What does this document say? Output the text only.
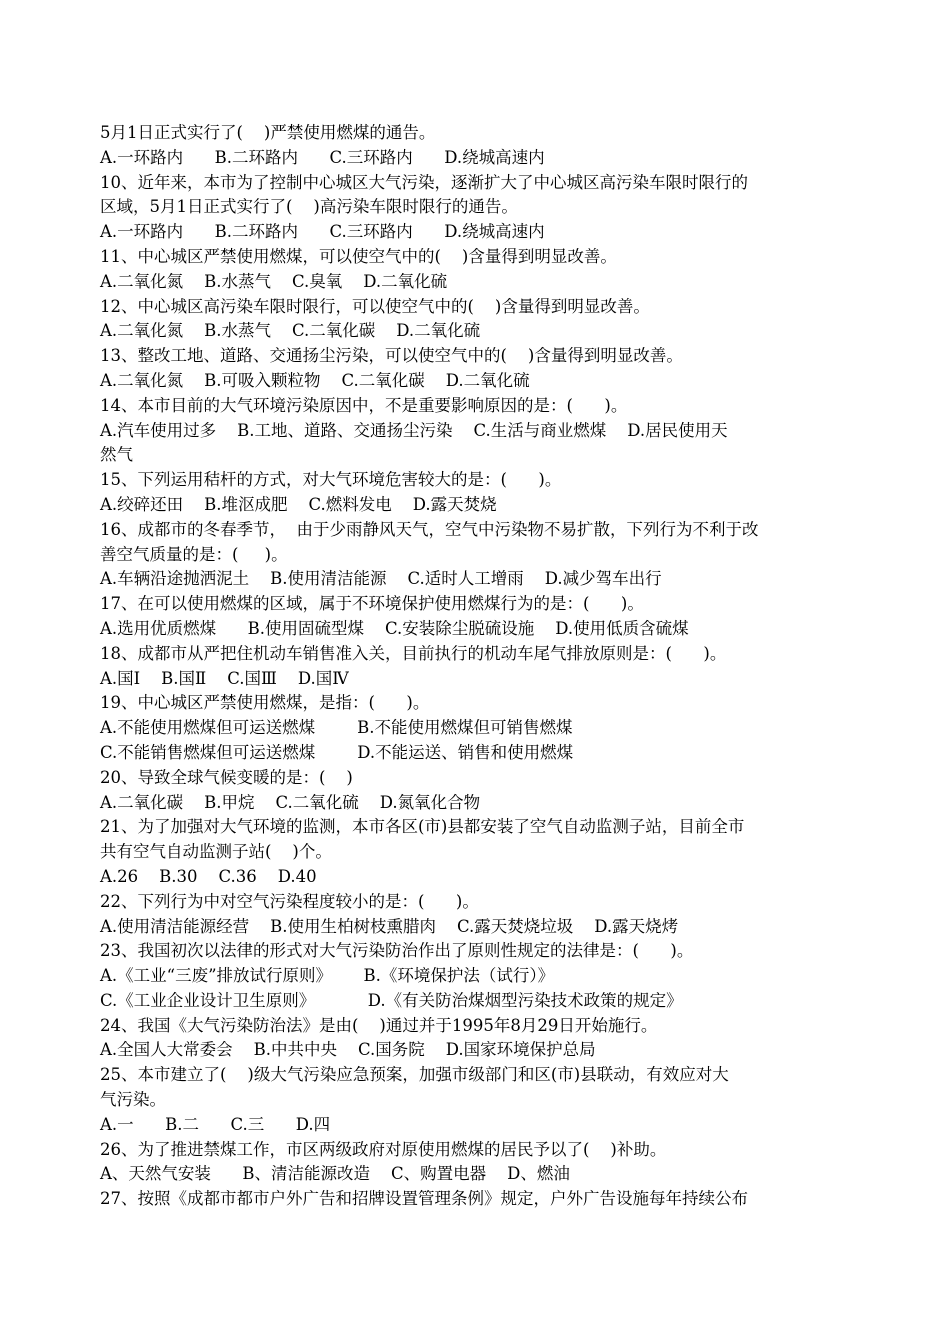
5月1日正式实行了(    )严禁使用燃煤的通告。
A.一环路内      B.二环路内      C.三环路内      D.绕城高速内
10、近年来，本市为了控制中心城区大气污染，逐渐扩大了中心城区高污染车限时限行的
区域，5月1日正式实行了(    )高污染车限时限行的通告。
A.一环路内      B.二环路内      C.三环路内      D.绕城高速内
11、中心城区严禁使用燃煤，可以使空气中的(    )含量得到明显改善。
A.二氧化氮    B.水蒸气    C.臭氧    D.二氧化硫
12、中心城区高污染车限时限行，可以使空气中的(    )含量得到明显改善。
A.二氧化氮    B.水蒸气    C.二氧化碳    D.二氧化硫
13、整改工地、道路、交通扬尘污染，可以使空气中的(    )含量得到明显改善。
A.二氧化氮    B.可吸入颗粒物    C.二氧化碳    D.二氧化硫
14、本市目前的大气环境污染原因中，不是重要影响原因的是：(      )。
A.汽车使用过多    B.工地、道路、交通扬尘污染    C.生活与商业燃煤    D.居民使用天
然气
15、下列运用秸杆的方式，对大气环境危害较大的是：(      )。
A.绞碎还田    B.堆沤成肥    C.燃料发电    D.露天焚烧
16、成都市的冬春季节，  由于少雨静风天气，空气中污染物不易扩散，下列行为不利于改
善空气质量的是：(     )。
A.车辆沿途抛洒泥土    B.使用清洁能源    C.适时人工增雨    D.减少驾车出行
17、在可以使用燃煤的区域，属于不环境保护使用燃煤行为的是：(      )。
A.选用优质燃煤      B.使用固硫型煤    C.安装除尘脱硫设施    D.使用低质含硫煤
18、成都市从严把住机动车销售准入关，目前执行的机动车尾气排放原则是：(      )。
A.国Ⅰ    B.国Ⅱ    C.国Ⅲ    D.国Ⅳ
19、中心城区严禁使用燃煤，是指：(      )。
A.不能使用燃煤但可运送燃煤        B.不能使用燃煤但可销售燃煤
C.不能销售燃煤但可运送燃煤        D.不能运送、销售和使用燃煤
20、导致全球气候变暖的是：(    )
A.二氧化碳    B.甲烷    C.二氧化硫    D.氮氧化合物
21、为了加强对大气环境的监测，本市各区(市)县都安装了空气自动监测子站，目前全市
共有空气自动监测子站(    )个。
A.26    B.30    C.36    D.40
22、下列行为中对空气污染程度较小的是：(      )。
A.使用清洁能源经营    B.使用生柏树枝熏腊肉    C.露天焚烧垃圾    D.露天烧烤
23、我国初次以法律的形式对大气污染防治作出了原则性规定的法律是：(      )。
A.《工业“三废”排放试行原则》      B.《环境保护法（试行）》
C.《工业企业设计卫生原则》          D.《有关防治煤烟型污染技术政策的规定》
24、我国《大气污染防治法》是由(    )通过并于1995年8月29日开始施行。
A.全国人大常委会    B.中共中央    C.国务院    D.国家环境保护总局
25、本市建立了(    )级大气污染应急预案，加强市级部门和区(市)县联动，有效应对大
气污染。
A.一      B.二      C.三      D.四
26、为了推进禁煤工作，市区两级政府对原使用燃煤的居民予以了(    )补助。
A、天然气安装      B、清洁能源改造    C、购置电器    D、燃油
27、按照《成都市都市户外广告和招牌设置管理条例》规定，户外广告设施每年持续公布
